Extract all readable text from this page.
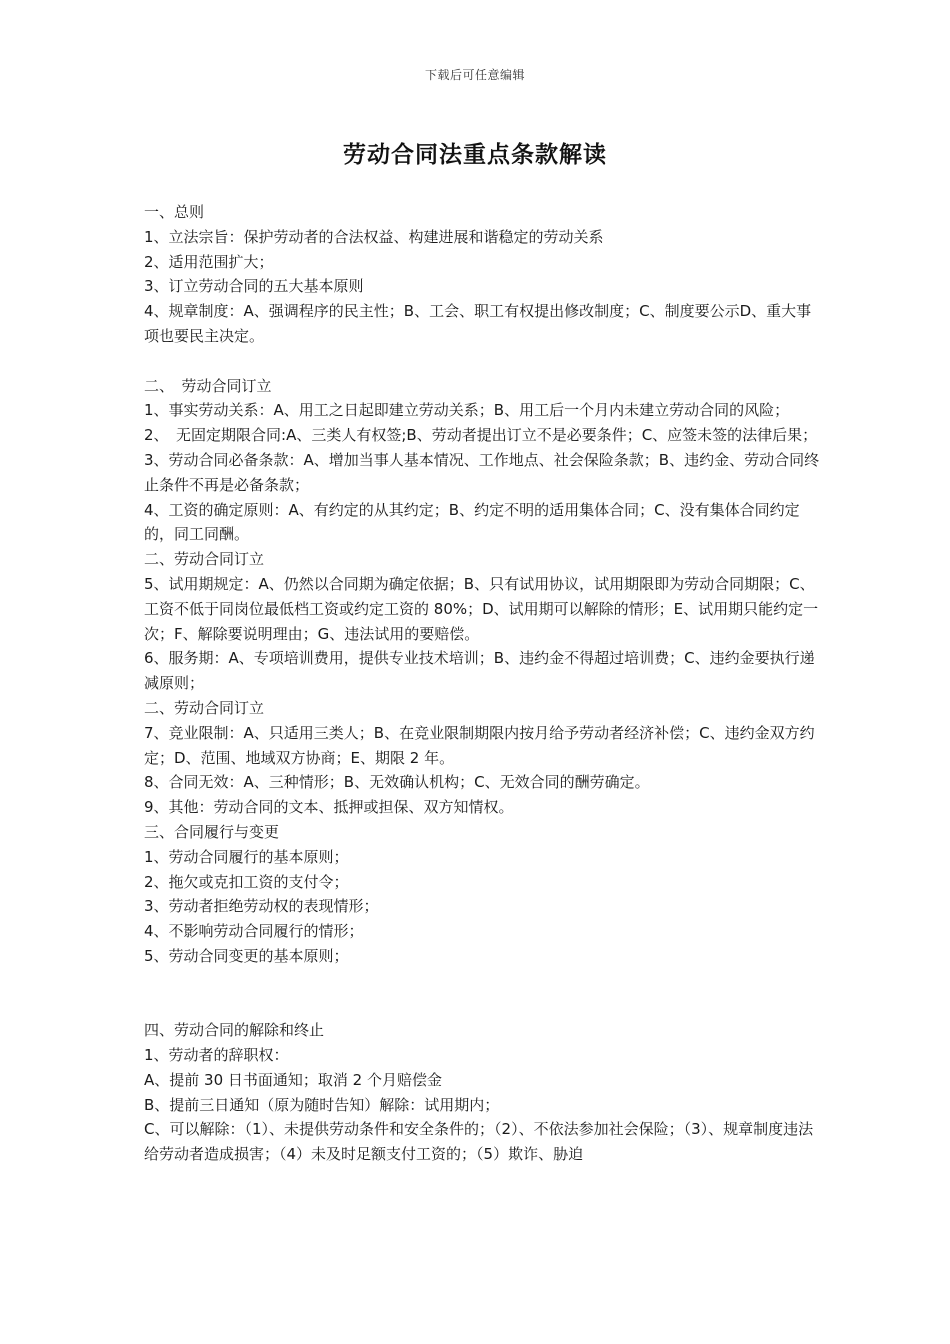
下载后可任意编辑
劳动合同法重点条款解读

一、总则

1、立法宗旨：保护劳动者的合法权益、构建进展和谐稳定的劳动关系

2、适用范围扩大；

3、订立劳动合同的五大基本原则

4、规章制度：A、强调程序的民主性；B、工会、职工有权提出修改制度；C、制度要公示D、重大事项也要民主决定。

二、　劳动合同订立

1、事实劳动关系：A、用工之日起即建立劳动关系；B、用工后一个月内未建立劳动合同的风险；

2、　无固定期限合同:A、三类人有权签;B、劳动者提出订立不是必要条件；C、应签未签的法律后果；

3、劳动合同必备条款：A、增加当事人基本情况、工作地点、社会保险条款；B、违约金、劳动合同终止条件不再是必备条款；

4、工资的确定原则：A、有约定的从其约定；B、约定不明的适用集体合同；C、没有集体合同约定的，同工同酬。

二、劳动合同订立

5、试用期规定：A、仍然以合同期为确定依据；B、只有试用协议，试用期限即为劳动合同期限；C、工资不低于同岗位最低档工资或约定工资的 80%；D、试用期可以解除的情形；E、试用期只能约定一次；F、解除要说明理由；G、违法试用的要赔偿。

6、服务期：A、专项培训费用，提供专业技术培训；B、违约金不得超过培训费；C、违约金要执行递减原则；

二、劳动合同订立

7、竞业限制：A、只适用三类人；B、在竞业限制期限内按月给予劳动者经济补偿；C、违约金双方约定；D、范围、地域双方协商；E、期限 2 年。

8、合同无效：A、三种情形；B、无效确认机构；C、无效合同的酬劳确定。

9、其他：劳动合同的文本、抵押或担保、双方知情权。

三、合同履行与变更

1、劳动合同履行的基本原则；

2、拖欠或克扣工资的支付令；

3、劳动者拒绝劳动权的表现情形；

4、不影响劳动合同履行的情形；

5、劳动合同变更的基本原则；

四、劳动合同的解除和终止

1、劳动者的辞职权：

A、提前 30 日书面通知；取消 2 个月赔偿金

B、提前三日通知（原为随时告知）解除：试用期内；

C、可以解除：（1）、未提供劳动条件和安全条件的；（2）、不依法参加社会保险；（3）、规章制度违法给劳动者造成损害；（4）未及时足额支付工资的；（5）欺诈、胁迫
